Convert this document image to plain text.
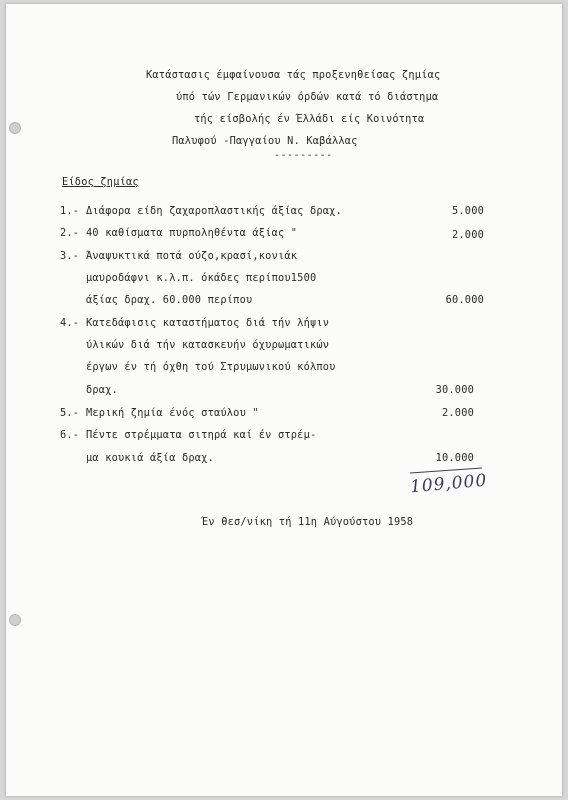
Κατάστασις έμφαίνουσα τάς προξενηθείσας ζημίας
ύπό τών Γερμανικών όρδών κατά τό διάστημα
τής είσβολής έν Έλλάδι είς Κοινότητα
Παλυφού -Παγγαίου Ν. Καβάλλας
---------
Είδος ζημίας
1.- Διάφορα είδη ζαχαροπλαστικής άξίας δραχ.	5.000
2.- 40 καθίσματα πυρποληθέντα άξίας "	2.000
3.- Άναψυκτικά ποτά ούζο,κρασί,κονιάκ
μαυροδάφνι κ.λ.π. όκάδες περίπου1500
άξίας δραχ. 60.000 περίπου	60.000
4.- Κατεδάφισις καταστήματος διά τήν λήψιν
ύλικών διά τήν κατασκευήν όχυρωματικών
έργων έν τή όχθη τού Στρυμωνικού κόλπου
δραχ.	30.000
5.- Μερική ζημία ένός σταύλου "	2.000
6.- Πέντε στρέμματα σιτηρά καί έν στρέμ-
μα κουκιά άξία δραχ.	10.000
109,000
Έν θεσ/νίκη τή 11η Αύγούστου 1958
